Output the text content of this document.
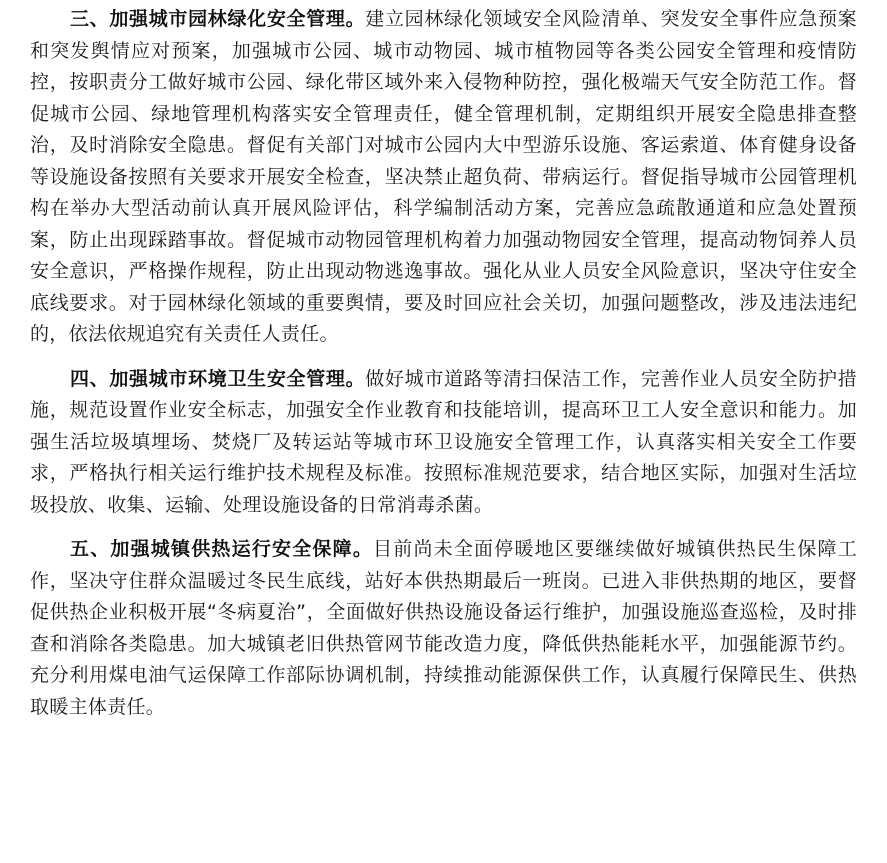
三、加强城市园林绿化安全管理。建立园林绿化领域安全风险清单、突发安全事件应急预案和突发舆情应对预案，加强城市公园、城市动物园、城市植物园等各类公园安全管理和疫情防控，按职责分工做好城市公园、绿化带区域外来入侵物种防控，强化极端天气安全防范工作。督促城市公园、绿地管理机构落实安全管理责任，健全管理机制，定期组织开展安全隐患排查整治，及时消除安全隐患。督促有关部门对城市公园内大中型游乐设施、客运索道、体育健身设备等设施设备按照有关要求开展安全检查，坚决禁止超负荷、带病运行。督促指导城市公园管理机构在举办大型活动前认真开展风险评估，科学编制活动方案，完善应急疏散通道和应急处置预案，防止出现踩踏事故。督促城市动物园管理机构着力加强动物园安全管理，提高动物饲养人员安全意识，严格操作规程，防止出现动物逃逸事故。强化从业人员安全风险意识，坚决守住安全底线要求。对于园林绿化领域的重要舆情，要及时回应社会关切，加强问题整改，涉及违法违纪的，依法依规追究有关责任人责任。

四、加强城市环境卫生安全管理。做好城市道路等清扫保洁工作，完善作业人员安全防护措施，规范设置作业安全标志，加强安全作业教育和技能培训，提高环卫工人安全意识和能力。加强生活垃圾填埋场、焚烧厂及转运站等城市环卫设施安全管理工作，认真落实相关安全工作要求，严格执行相关运行维护技术规程及标准。按照标准规范要求，结合地区实际，加强对生活垃圾投放、收集、运输、处理设施设备的日常消毒杀菌。

五、加强城镇供热运行安全保障。目前尚未全面停暖地区要继续做好城镇供热民生保障工作，坚决守住群众温暖过冬民生底线，站好本供热期最后一班岗。已进入非供热期的地区，要督促供热企业积极开展“冬病夏治”，全面做好供热设施设备运行维护，加强设施巡查巡检，及时排查和消除各类隐患。加大城镇老旧供热管网节能改造力度，降低供热能耗水平，加强能源节约。充分利用煤电油气运保障工作部际协调机制，持续推动能源保供工作，认真履行保障民生、供热取暖主体责任。
